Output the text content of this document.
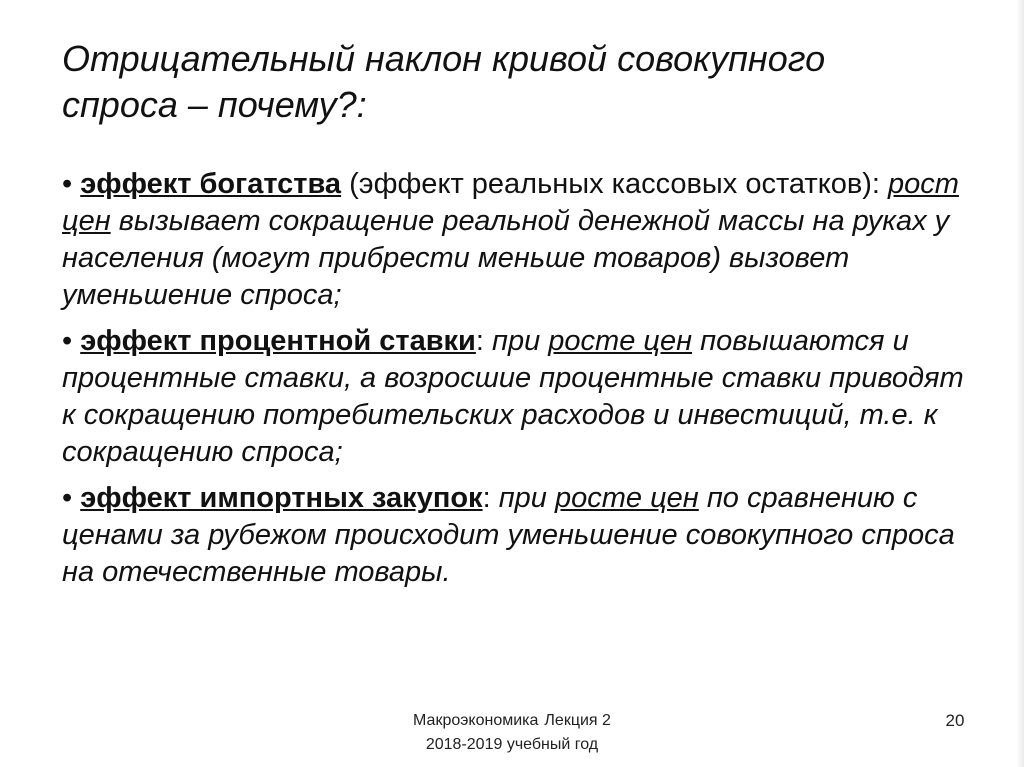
Отрицательный наклон кривой совокупного
спроса – почему?:

• эффект богатства (эффект реальных кассовых остатков): рост цен вызывает сокращение реальной денежной массы на руках у населения (могут прибрести меньше товаров) вызовет уменьшение спроса;

• эффект процентной ставки: при росте цен повышаются и процентные ставки, а возросшие процентные ставки приводят к сокращению потребительских расходов и инвестиций, т.е. к сокращению спроса;

• эффект импортных закупок: при росте цен по сравнению с ценами за рубежом происходит уменьшение совокупного спроса на отечественные товары.

Макроэкономика Лекция 2
2018-2019 учебный год
20
